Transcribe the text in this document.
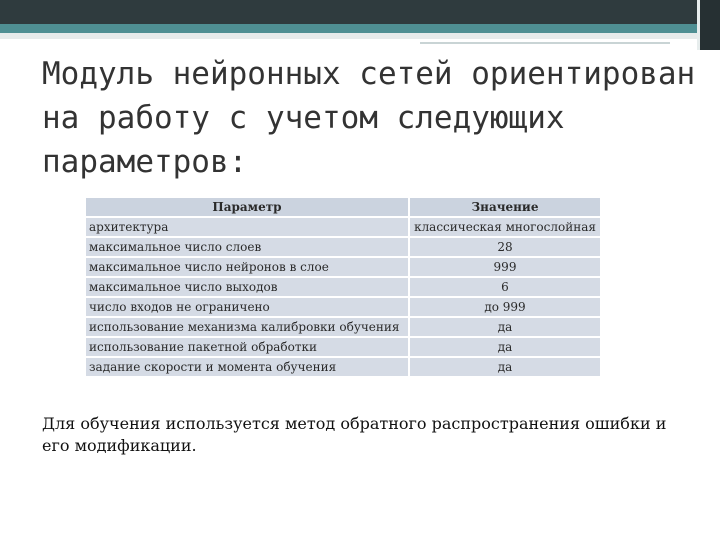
Модуль нейронных сетей ориентирован
на работу с учетом следующих
параметров:
Параметр	Значение
архитектура	классическая многослойная
максимальное число слоев	28
максимальное число нейронов в слое	999
максимальное число выходов	6
число входов не ограничено	до 999
использование механизма калибровки обучения	да
использование пакетной обработки	да
задание скорости и момента обучения	да
Для обучения используется метод обратного распространения ошибки и его модификации.
